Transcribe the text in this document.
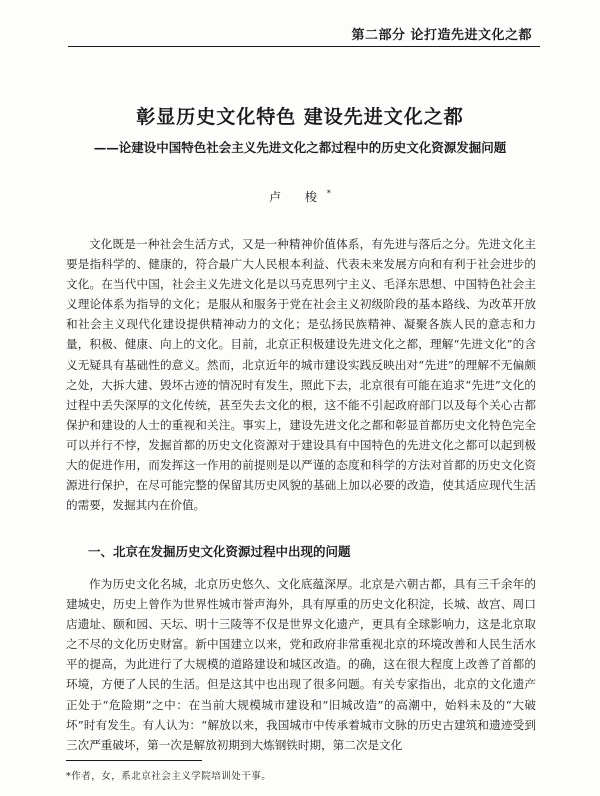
第二部分 论打造先进文化之都
彰显历史文化特色 建设先进文化之都
——论建设中国特色社会主义先进文化之都过程中的历史文化资源发掘问题
卢 梭*

文化既是一种社会生活方式，又是一种精神价值体系，有先进与落后之分。先进文化主要是指科学的、健康的，符合最广大人民根本利益、代表未来发展方向和有利于社会进步的文化。在当代中国，社会主义先进文化是以马克思列宁主义、毛泽东思想、中国特色社会主义理论体系为指导的文化；是服从和服务于党在社会主义初级阶段的基本路线、为改革开放和社会主义现代化建设提供精神动力的文化；是弘扬民族精神、凝聚各族人民的意志和力量，积极、健康、向上的文化。目前，北京正积极建设先进文化之都，理解“先进文化”的含义无疑具有基础性的意义。然而，北京近年的城市建设实践反映出对“先进”的理解不无偏颇之处，大拆大建、毁坏古迹的情况时有发生，照此下去，北京很有可能在追求“先进”文化的过程中丢失深厚的文化传统，甚至失去文化的根，这不能不引起政府部门以及每个关心古都保护和建设的人士的重视和关注。事实上，建设先进文化之都和彰显首都历史文化特色完全可以并行不悖，发掘首都的历史文化资源对于建设具有中国特色的先进文化之都可以起到极大的促进作用，而发挥这一作用的前提则是以严谨的态度和科学的方法对首都的历史文化资源进行保护，在尽可能完整的保留其历史风貌的基础上加以必要的改造，使其适应现代生活的需要，发掘其内在价值。

一、北京在发掘历史文化资源过程中出现的问题

作为历史文化名城，北京历史悠久、文化底蕴深厚。北京是六朝古都，具有三千余年的建城史，历史上曾作为世界性城市誉声海外，具有厚重的历史文化积淀，长城、故宫、周口店遗址、颐和园、天坛、明十三陵等不仅是世界文化遗产，更具有全球影响力，这是北京取之不尽的文化历史财富。新中国建立以来，党和政府非常重视北京的环境改善和人民生活水平的提高，为此进行了大规模的道路建设和城区改造。的确，这在很大程度上改善了首都的环境，方便了人民的生活。但是这其中也出现了很多问题。有关专家指出，北京的文化遗产正处于“危险期”之中：在当前大规模城市建设和“旧城改造”的高潮中，始料未及的“大破坏”时有发生。有人认为：“解放以来，我国城市中传承着城市文脉的历史古建筑和遗迹受到三次严重破坏，第一次是解放初期到大炼钢铁时期，第二次是文化

*作者，女，系北京社会主义学院培训处干事。
